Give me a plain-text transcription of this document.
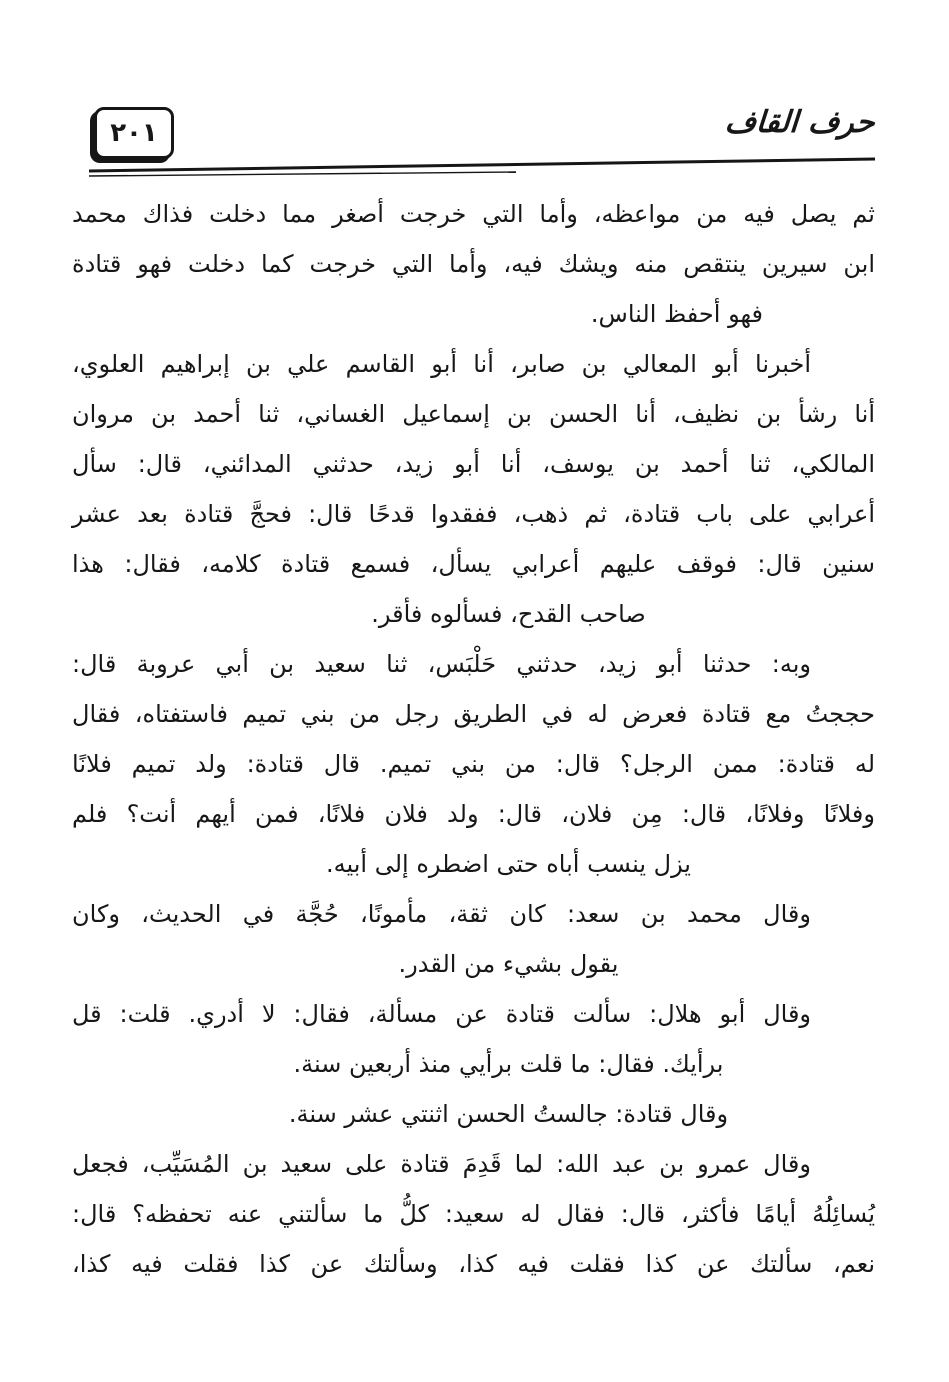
٢٠١	حرف القاف
ثم يصل فيه من مواعظه، وأما التي خرجت أصغر مما دخلت فذاك محمد
ابن سيرين ينتقص منه ويشك فيه، وأما التي خرجت كما دخلت فهو قتادة
فهو أحفظ الناس.
أخبرنا أبو المعالي بن صابر، أنا أبو القاسم علي بن إبراهيم العلوي،
أنا رشأ بن نظيف، أنا الحسن بن إسماعيل الغساني، ثنا أحمد بن مروان
المالكي، ثنا أحمد بن يوسف، أنا أبو زيد، حدثني المدائني، قال: سأل
أعرابي على باب قتادة، ثم ذهب، ففقدوا قدحًا قال: فحجَّ قتادة بعد عشر
سنين قال: فوقف عليهم أعرابي يسأل، فسمع قتادة كلامه، فقال: هذا
صاحب القدح، فسألوه فأقر.
وبه: حدثنا أبو زيد، حدثني حَلْبَس، ثنا سعيد بن أبي عروبة قال:
حججتُ مع قتادة فعرض له في الطريق رجل من بني تميم فاستفتاه، فقال
له قتادة: ممن الرجل؟ قال: من بني تميم. قال قتادة: ولد تميم فلانًا
وفلانًا وفلانًا، قال: مِن فلان، قال: ولد فلان فلانًا، فمن أيهم أنت؟ فلم
يزل ينسب أباه حتى اضطره إلى أبيه.
وقال محمد بن سعد: كان ثقة، مأمونًا، حُجَّة في الحديث، وكان
يقول بشيء من القدر.
وقال أبو هلال: سألت قتادة عن مسألة، فقال: لا أدري. قلت: قل
برأيك. فقال: ما قلت برأيي منذ أربعين سنة.
وقال قتادة: جالستُ الحسن اثنتي عشر سنة.
وقال عمرو بن عبد الله: لما قَدِمَ قتادة على سعيد بن المُسَيِّب، فجعل
يُسائِلُهُ أيامًا فأكثر، قال: فقال له سعيد: كلُّ ما سألتني عنه تحفظه؟ قال:
نعم، سألتك عن كذا فقلت فيه كذا، وسألتك عن كذا فقلت فيه كذا،
